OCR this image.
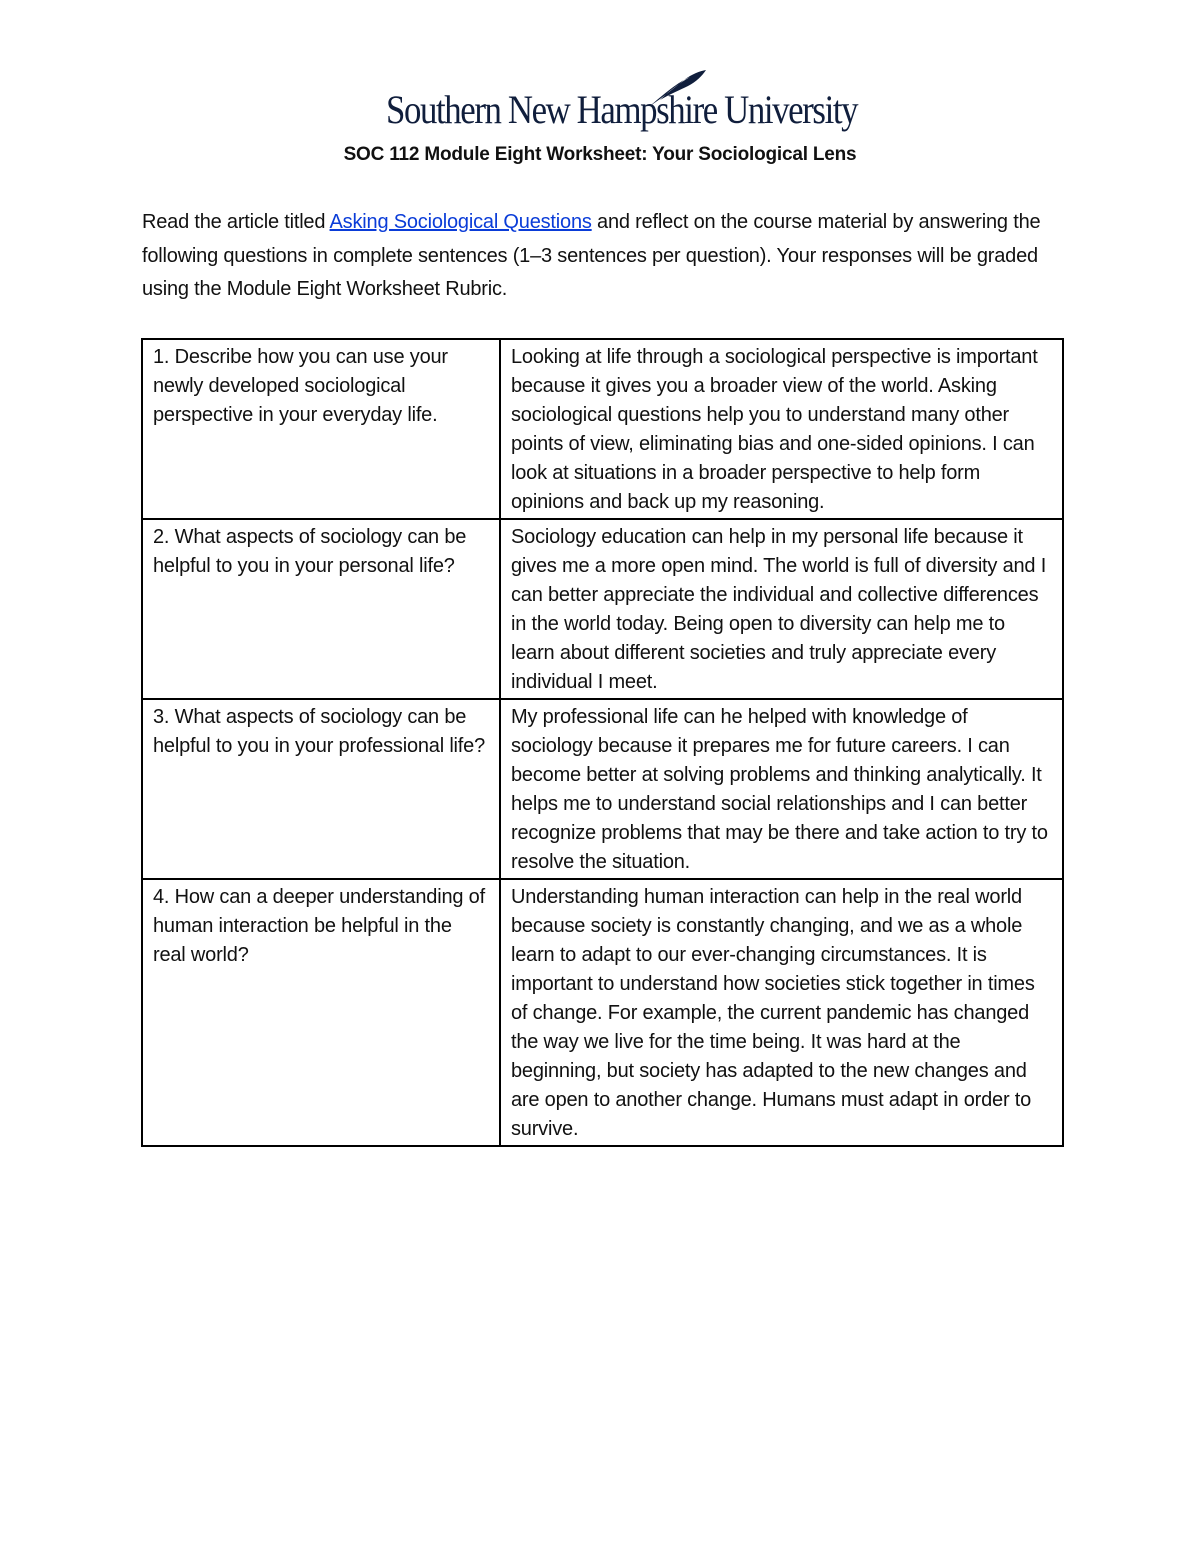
Southern New Hampshire University
SOC 112 Module Eight Worksheet: Your Sociological Lens

Read the article titled Asking Sociological Questions and reflect on the course material by answering the following questions in complete sentences (1–3 sentences per question). Your responses will be graded using the Module Eight Worksheet Rubric.

1. Describe how you can use your newly developed sociological perspective in your everyday life.	Looking at life through a sociological perspective is important because it gives you a broader view of the world. Asking sociological questions help you to understand many other points of view, eliminating bias and one-sided opinions. I can look at situations in a broader perspective to help form opinions and back up my reasoning.
2. What aspects of sociology can be helpful to you in your personal life?	Sociology education can help in my personal life because it gives me a more open mind. The world is full of diversity and I can better appreciate the individual and collective differences in the world today. Being open to diversity can help me to learn about different societies and truly appreciate every individual I meet.
3. What aspects of sociology can be helpful to you in your professional life?	My professional life can he helped with knowledge of sociology because it prepares me for future careers. I can become better at solving problems and thinking analytically. It helps me to understand social relationships and I can better recognize problems that may be there and take action to try to resolve the situation.
4. How can a deeper understanding of human interaction be helpful in the real world?	Understanding human interaction can help in the real world because society is constantly changing, and we as a whole learn to adapt to our ever-changing circumstances. It is important to understand how societies stick together in times of change. For example, the current pandemic has changed the way we live for the time being. It was hard at the beginning, but society has adapted to the new changes and are open to another change. Humans must adapt in order to survive.
